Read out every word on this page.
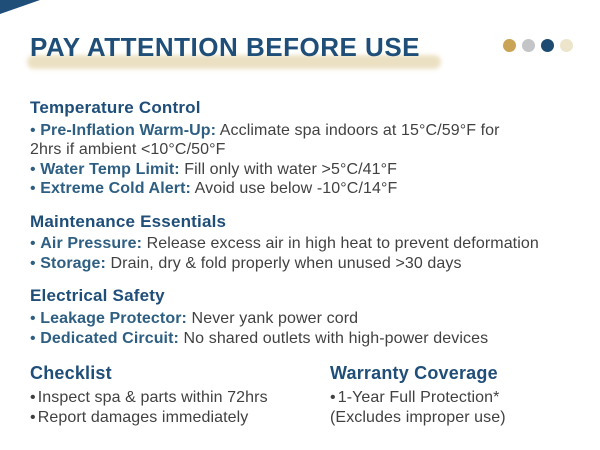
PAY ATTENTION BEFORE USE
Temperature Control

• Pre-Inflation Warm-Up: Acclimate spa indoors at 15°C/59°F for 2hrs if ambient <10°C/50°F

• Water Temp Limit: Fill only with water >5°C/41°F

• Extreme Cold Alert: Avoid use below -10°C/14°F

Maintenance Essentials

• Air Pressure: Release excess air in high heat to prevent deformation

• Storage: Drain, dry & fold properly when unused >30 days

Electrical Safety

• Leakage Protector: Never yank power cord

• Dedicated Circuit: No shared outlets with high-power devices

Checklist

• Inspect spa & parts within 72hrs

• Report damages immediately

Warranty Coverage

• 1-Year Full Protection*

(Excludes improper use)
